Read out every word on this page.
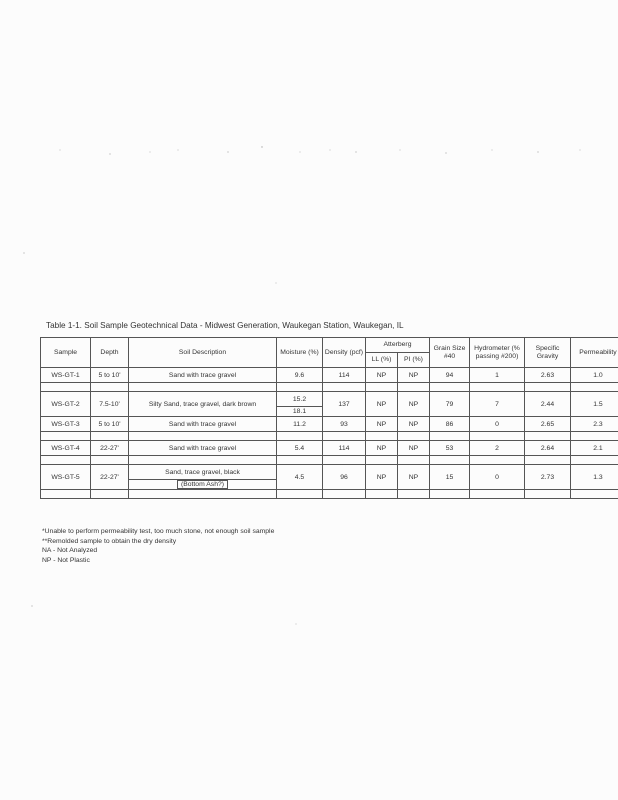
Table 1-1. Soil Sample Geotechnical Data - Midwest Generation, Waukegan Station, Waukegan, IL
Sample	Depth	Soil Description	Moisture (%)	Density (pcf)	Atterberg		Grain Size #40	Hydrometer (% passing #200)	Specific Gravity	Permeability
					LL (%)	PI (%)				
WS-GT-1	5 to 10'	Sand with trace gravel	9.6	114	NP	NP	94	1	2.63	1.0

WS-GT-2	7.5-10'	Silty Sand, trace gravel, dark brown	15.2	137	NP	NP	79	7	2.44	1.5
			18.1							
WS-GT-3	5 to 10'	Sand with trace gravel	11.2	93	NP	NP	86	0	2.65	2.3

WS-GT-4	22-27'	Sand with trace gravel	5.4	114	NP	NP	53	2	2.64	2.1

WS-GT-5	22-27'	Sand, trace gravel, black	4.5	96	NP	NP	15	0	2.73	1.3
		(Bottom Ash?)								

*Unable to perform permeability test, too much stone, not enough soil sample
**Remolded sample to obtain the dry density
NA - Not Analyzed
NP - Not Plastic
